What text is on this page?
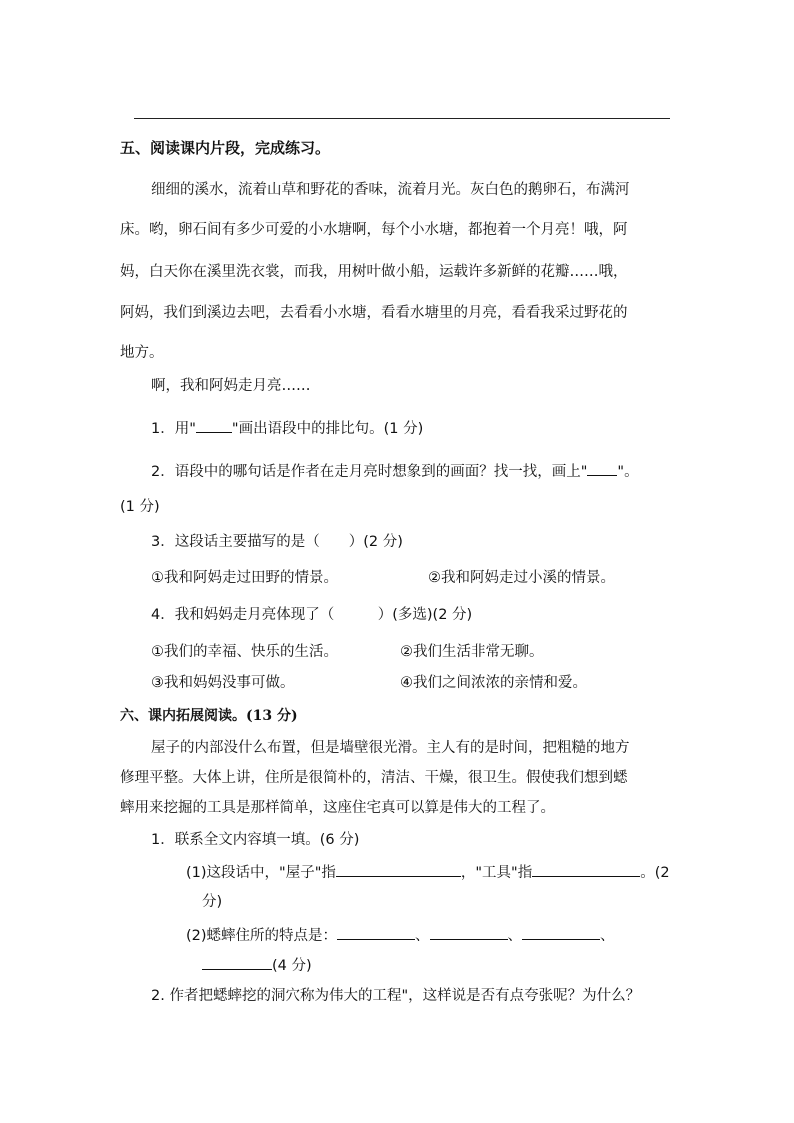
五、阅读课内片段，完成练习。
细细的溪水，流着山草和野花的香味，流着月光。灰白色的鹅卵石，布满河
床。哟，卵石间有多少可爱的小水塘啊，每个小水塘，都抱着一个月亮！哦，阿
妈，白天你在溪里洗衣裳，而我，用树叶做小船，运载许多新鲜的花瓣……哦，
阿妈，我们到溪边去吧，去看看小水塘，看看水塘里的月亮，看看我采过野花的
地方。
啊，我和阿妈走月亮……
1．用" "画出语段中的排比句。(1 分)
2．语段中的哪句话是作者在走月亮时想象到的画面？找一找，画上" "。
(1 分)
3．这段话主要描写的是（　　）(2 分)
①我和阿妈走过田野的情景。	②我和阿妈走过小溪的情景。
4．我和妈妈走月亮体现了（　　　）(多选)(2 分)
①我们的幸福、快乐的生活。	②我们生活非常无聊。
③我和妈妈没事可做。	④我们之间浓浓的亲情和爱。
六、课内拓展阅读。(13 分)
屋子的内部没什么布置，但是墙壁很光滑。主人有的是时间，把粗糙的地方
修理平整。大体上讲，住所是很简朴的，清洁、干燥，很卫生。假使我们想到蟋
蟀用来挖掘的工具是那样简单，这座住宅真可以算是伟大的工程了。
1．联系全文内容填一填。(6 分)
(1)这段话中，"屋子"指	，"工具"指	。(2
分)
(2)蟋蟀住所的特点是：	、	、	、
(4 分)
2. 作者把蟋蟀挖的洞穴称为伟大的工程"，这样说是否有点夸张呢？为什么？
